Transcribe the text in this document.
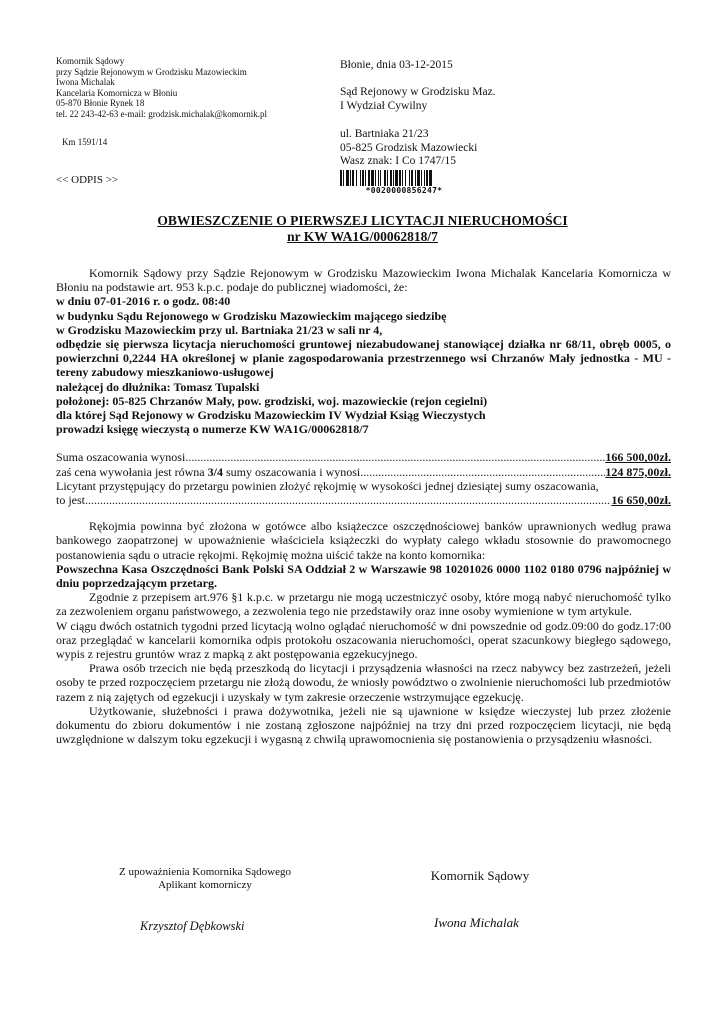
Komornik Sądowy
przy Sądzie Rejonowym w Grodzisku Mazowieckim
Iwona Michalak
Kancelaria Komornicza w Błoniu
05-870 Błonie Rynek 18
tel. 22 243-42-63 e-mail: grodzisk.michalak@komornik.pl
Km 1591/14
<< ODPIS >>
Błonie, dnia 03-12-2015
Sąd Rejonowy w Grodzisku Maz.
I Wydział Cywilny
ul. Bartniaka 21/23
05-825 Grodzisk Mazowiecki
Wasz znak: I Co 1747/15
*0020000856247*
OBWIESZCZENIE O PIERWSZEJ LICYTACJI NIERUCHOMOŚCI
nr KW WA1G/00062818/7

Komornik Sądowy przy Sądzie Rejonowym w Grodzisku Mazowieckim Iwona Michalak Kancelaria Komornicza w Błoniu na podstawie art. 953 k.p.c. podaje do publicznej wiadomości, że:

w dniu 07-01-2016 r. o godz. 08:40
w budynku Sądu Rejonowego w Grodzisku Mazowieckim mającego siedzibę
w Grodzisku Mazowieckim przy ul. Bartniaka 21/23 w sali nr 4,
odbędzie się pierwsza licytacja nieruchomości gruntowej niezabudowanej stanowiącej działka nr 68/11, obręb 0005, o powierzchni 0,2244 HA określonej w planie zagospodarowania przestrzennego wsi Chrzanów Mały jednostka - MU - tereny zabudowy mieszkaniowo-usługowej
należącej do dłużnika: Tomasz Tupalski
położonej: 05-825 Chrzanów Mały, pow. grodziski, woj. mazowieckie (rejon cegielni)
dla której Sąd Rejonowy w Grodzisku Mazowieckim IV Wydział Ksiąg Wieczystych
prowadzi księgę wieczystą o numerze KW WA1G/00062818/7

Suma oszacowania wynosi .....	166 500,00zł.
zaś cena wywołania jest równa 3/4 sumy oszacowania i wynosi .....	124 875,00zł.

Licytant przystępujący do przetargu powinien złożyć rękojmię w wysokości jednej dziesiątej sumy oszacowania,

to jest .....	16 650,00zł.

Rękojmia powinna być złożona w gotówce albo książeczce oszczędnościowej banków uprawnionych według prawa bankowego zaopatrzonej w upoważnienie właściciela książeczki do wypłaty całego wkładu stosownie do prawomocnego postanowienia sądu o utracie rękojmi. Rękojmię można uiścić także na konto komornika:

Powszechna Kasa Oszczędności Bank Polski SA Oddział 2 w Warszawie 98 10201026 0000 1102 0180 0796 najpóźniej w dniu poprzedzającym przetarg.

Zgodnie z przepisem art.976 §1 k.p.c. w przetargu nie mogą uczestniczyć osoby, które mogą nabyć nieruchomość tylko za zezwoleniem organu państwowego, a zezwolenia tego nie przedstawiły oraz inne osoby wymienione w tym artykule.

W ciągu dwóch ostatnich tygodni przed licytacją wolno oglądać nieruchomość w dni powszednie od godz.09:00 do godz.17:00 oraz przeglądać w kancelarii komornika odpis protokołu oszacowania nieruchomości, operat szacunkowy biegłego sądowego, wypis z rejestru gruntów wraz z mapką z akt postępowania egzekucyjnego.

Prawa osób trzecich nie będą przeszkodą do licytacji i przysądzenia własności na rzecz nabywcy bez zastrzeżeń, jeżeli osoby te przed rozpoczęciem przetargu nie złożą dowodu, że wniosły powództwo o zwolnienie nieruchomości lub przedmiotów razem z nią zajętych od egzekucji i uzyskały w tym zakresie orzeczenie wstrzymujące egzekucję.

Użytkowanie, służebności i prawa dożywotnika, jeżeli nie są ujawnione w księdze wieczystej lub przez złożenie dokumentu do zbioru dokumentów i nie zostaną zgłoszone najpóźniej na trzy dni przed rozpoczęciem licytacji, nie będą uwzględnione w dalszym toku egzekucji i wygasną z chwilą uprawomocnienia się postanowienia o przysądzeniu własności.

Z upoważnienia Komornika Sądowego
Aplikant komorniczy
Komornik Sądowy
Krzysztof Dębkowski	Iwona Michalak
